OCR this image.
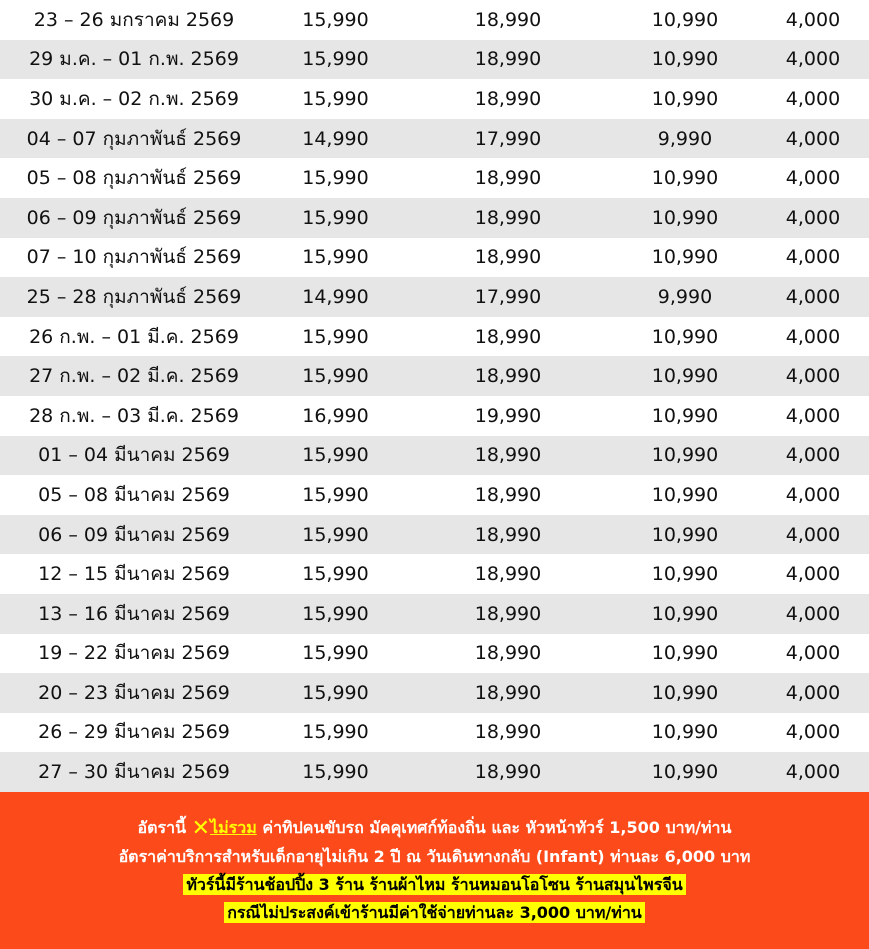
23 – 26 มกราคม 2569	15,990	18,990	10,990	4,000
29 ม.ค. – 01 ก.พ. 2569	15,990	18,990	10,990	4,000
30 ม.ค. – 02 ก.พ. 2569	15,990	18,990	10,990	4,000
04 – 07 กุมภาพันธ์ 2569	14,990	17,990	9,990	4,000
05 – 08 กุมภาพันธ์ 2569	15,990	18,990	10,990	4,000
06 – 09 กุมภาพันธ์ 2569	15,990	18,990	10,990	4,000
07 – 10 กุมภาพันธ์ 2569	15,990	18,990	10,990	4,000
25 – 28 กุมภาพันธ์ 2569	14,990	17,990	9,990	4,000
26 ก.พ. – 01 มี.ค. 2569	15,990	18,990	10,990	4,000
27 ก.พ. – 02 มี.ค. 2569	15,990	18,990	10,990	4,000
28 ก.พ. – 03 มี.ค. 2569	16,990	19,990	10,990	4,000
01 – 04 มีนาคม 2569	15,990	18,990	10,990	4,000
05 – 08 มีนาคม 2569	15,990	18,990	10,990	4,000
06 – 09 มีนาคม 2569	15,990	18,990	10,990	4,000
12 – 15 มีนาคม 2569	15,990	18,990	10,990	4,000
13 – 16 มีนาคม 2569	15,990	18,990	10,990	4,000
19 – 22 มีนาคม 2569	15,990	18,990	10,990	4,000
20 – 23 มีนาคม 2569	15,990	18,990	10,990	4,000
26 – 29 มีนาคม 2569	15,990	18,990	10,990	4,000
27 – 30 มีนาคม 2569	15,990	18,990	10,990	4,000
อัตรานี้ ✕ไม่รวม ค่าทิปคนขับรถ มัคคุเทศก์ท้องถิ่น และ หัวหน้าทัวร์ 1,500 บาท/ท่าน
อัตราค่าบริการสำหรับเด็กอายุไม่เกิน 2 ปี ณ วันเดินทางกลับ (Infant) ท่านละ 6,000 บาท
ทัวร์นี้มีร้านช้อปปิ้ง 3 ร้าน ร้านผ้าไหม ร้านหมอนโอโซน ร้านสมุนไพรจีน
กรณีไม่ประสงค์เข้าร้านมีค่าใช้จ่ายท่านละ 3,000 บาท/ท่าน
